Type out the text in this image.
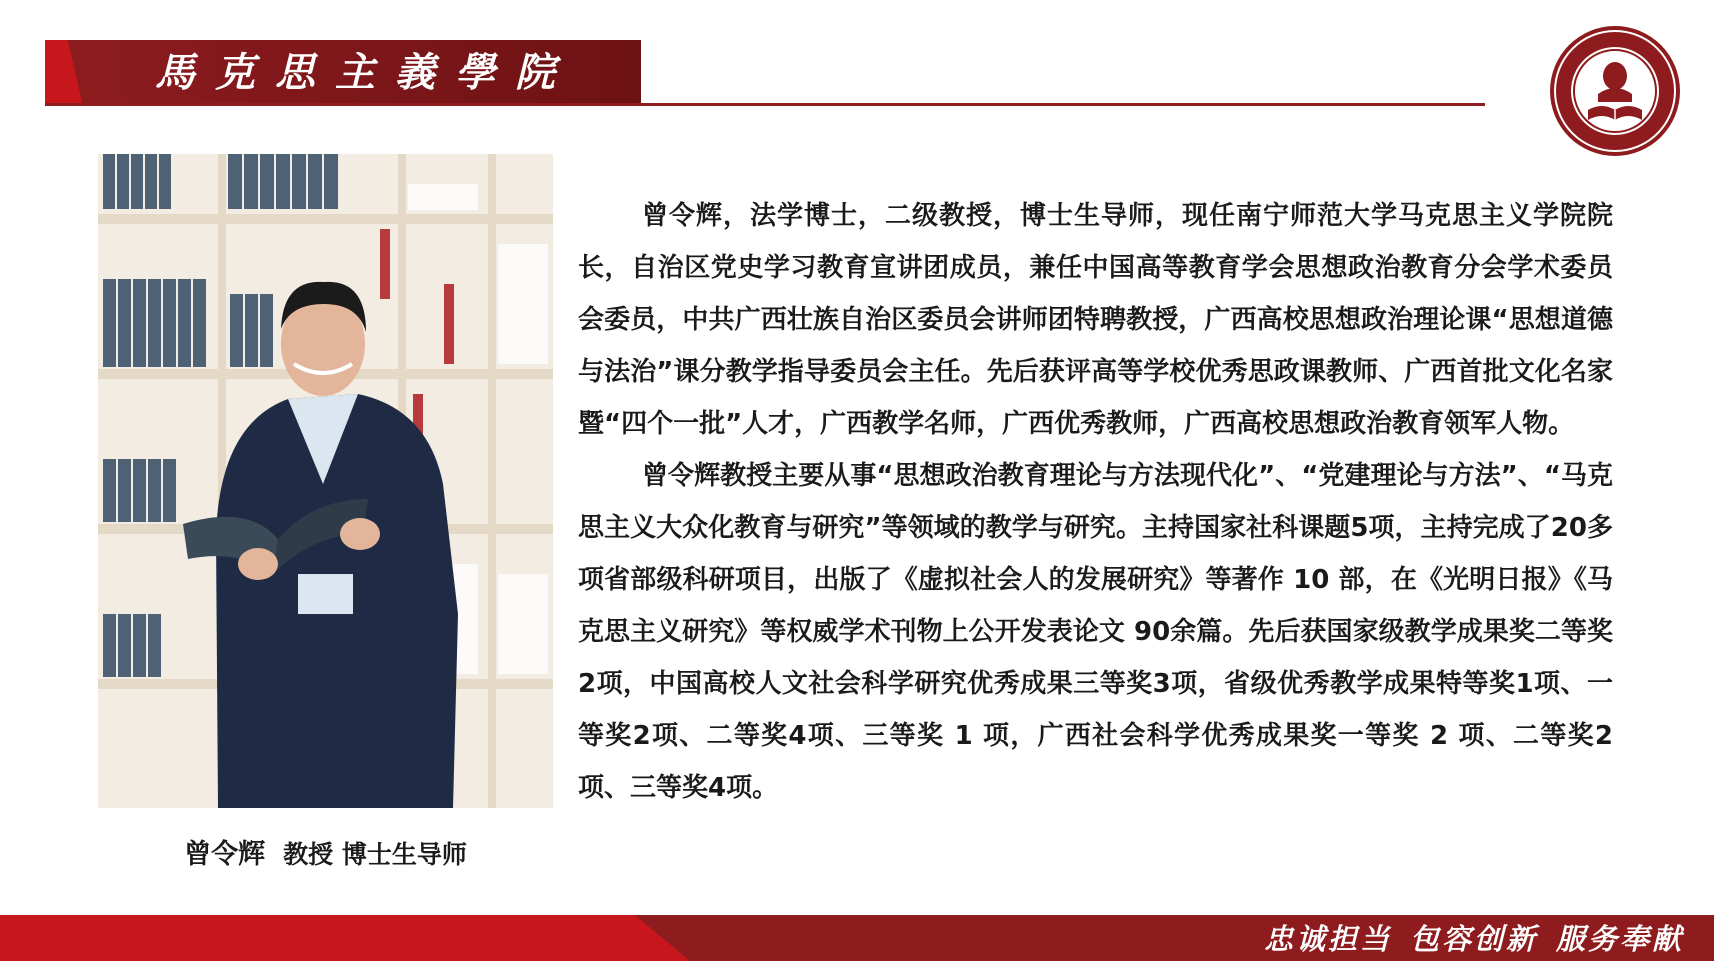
馬克思主義學院
曾令辉 教授 博士生导师

曾令辉，法学博士，二级教授，博士生导师，现任南宁师范大学马克思主义学院院长，自治区党史学习教育宣讲团成员，兼任中国高等教育学会思想政治教育分会学术委员会委员，中共广西壮族自治区委员会讲师团特聘教授，广西高校思想政治理论课“思想道德与法治”课分教学指导委员会主任。先后获评高等学校优秀思政课教师、广西首批文化名家暨“四个一批”人才，广西教学名师，广西优秀教师，广西高校思想政治教育领军人物。

曾令辉教授主要从事“思想政治教育理论与方法现代化”、“党建理论与方法”、“马克思主义大众化教育与研究”等领域的教学与研究。主持国家社科课题5项，主持完成了20多项省部级科研项目，出版了《虚拟社会人的发展研究》等著作 10 部，在《光明日报》《马克思主义研究》等权威学术刊物上公开发表论文 90余篇。先后获国家级教学成果奖二等奖2项，中国高校人文社会科学研究优秀成果三等奖3项，省级优秀教学成果特等奖1项、一等奖2项、二等奖4项、三等奖 1 项，广西社会科学优秀成果奖一等奖 2 项、二等奖2项、三等奖4项。

忠诚担当 包容创新 服务奉献
